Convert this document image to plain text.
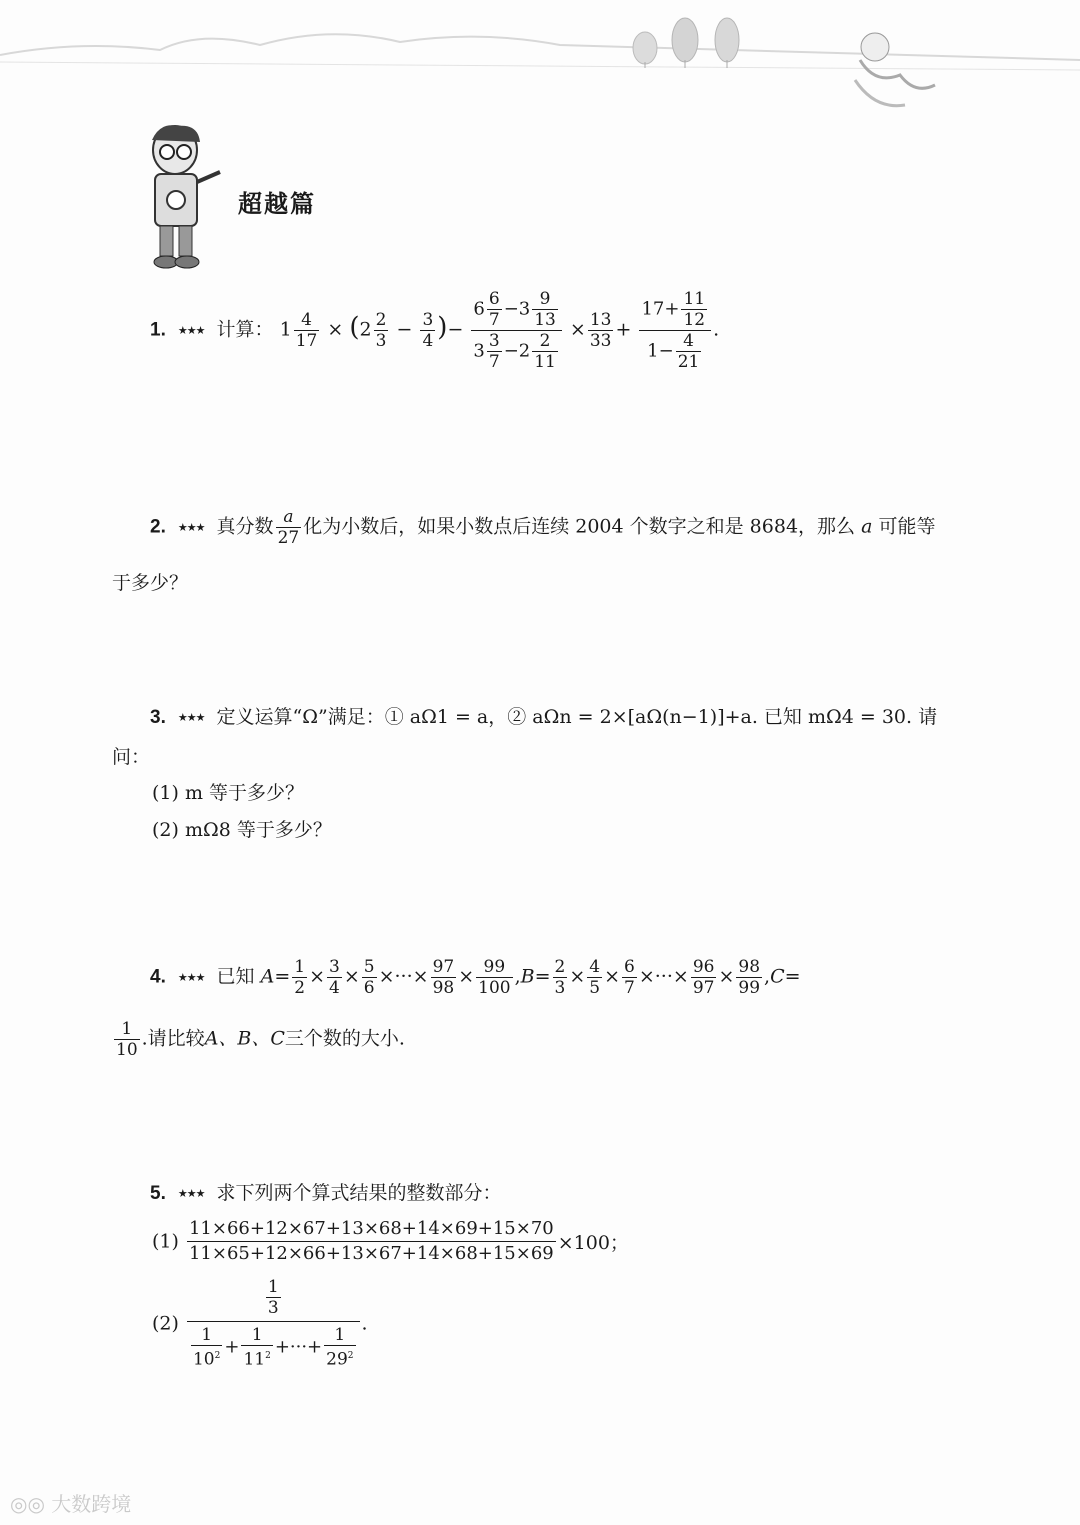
超越篇
1. ★★★ 计算： $1 \frac{4}{17} \times (2 \frac{2}{3} - \frac{3}{4}$ )− $\frac{6 \frac{6}{7} -3 \frac{9}{13}}{3 \frac{3}{7} -2 \frac{2}{11}} \times \frac{13}{33} + \frac{17+ \frac{11}{12}}{1- \frac{4}{21}}$ .
2. ★★★ 真分数 $\frac{a}{27}$ 化为小数后，如果小数点后连续 2004 个数字之和是 8684，那么 a 可能等
于多少？
3. ★★★ 定义运算“Ω”满足：① aΩ1 = a，② aΩn = 2×[aΩ(n−1)]+a. 已知 mΩ4 = 30. 请
问：
(1) m 等于多少？
(2) mΩ8 等于多少？
4. ★★★ 已知 $A= \frac{1}{2} \times \frac{3}{4} \times \frac{5}{6}$ ×···× $\frac{97}{98} \times \frac{99}{100} ,B= \frac{2}{3} \times \frac{4}{5} \times \frac{6}{7}$ ×···× $\frac{96}{97} \times \frac{98}{99} ,C=$
$\frac{1}{10}$ .请比较A、B、C三个数的大小.
5. ★★★ 求下列两个算式结果的整数部分：
$(1) \frac{11\times 66+12\times 67+13\times 68+14\times 69+15\times 70}{11\times 65+12\times 66+13\times 67+14\times 68+15\times 69} \times 100$；
$(2) \frac{\frac{1}{3}}{\frac{1}{10^2} + \frac{1}{11^2} +\cdot\cdot\cdot+ \frac{1}{29^2}}$ .
◎◎ 大数跨境
